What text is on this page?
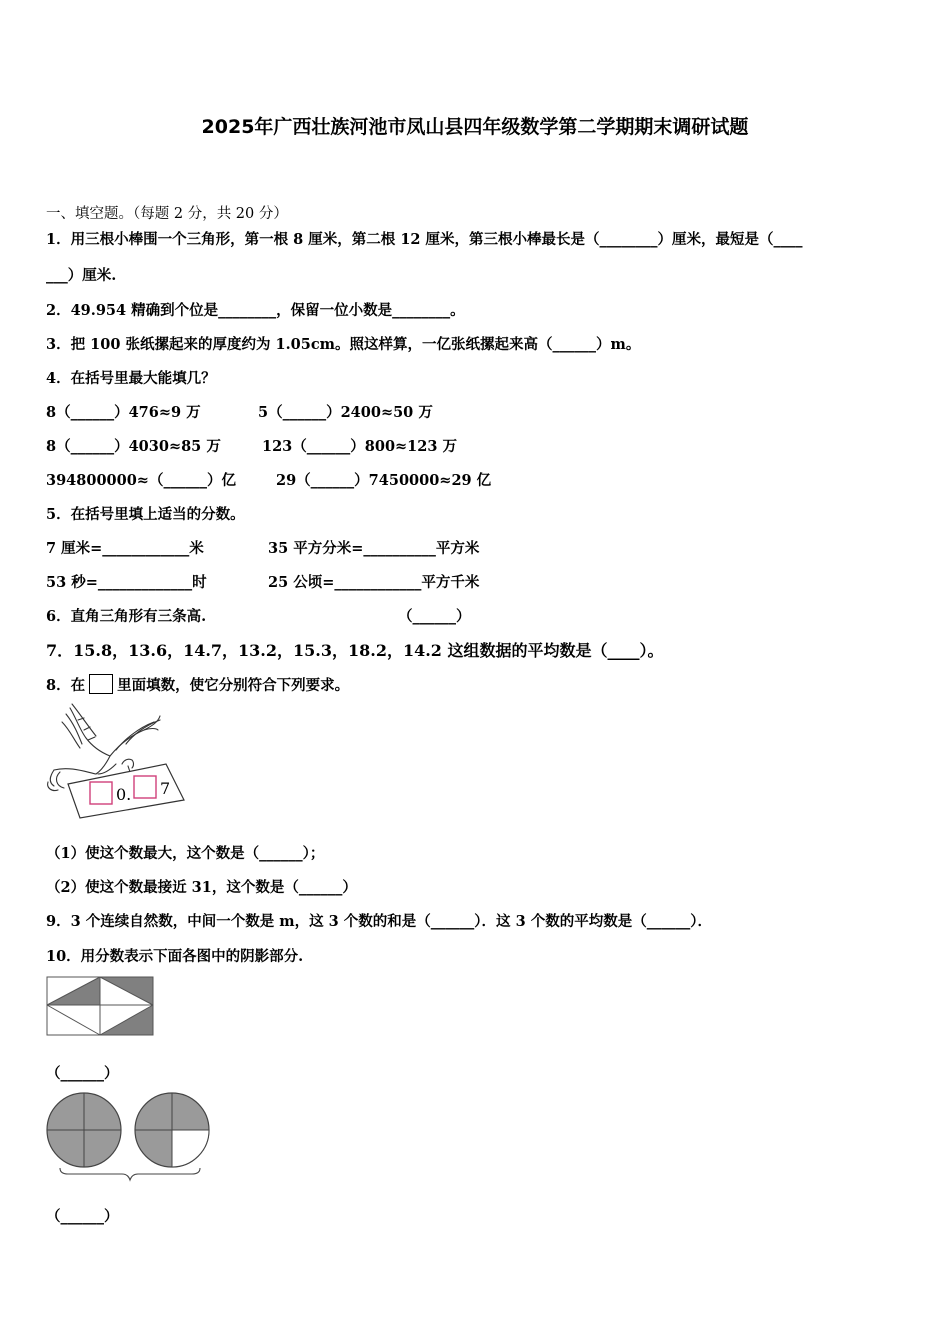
2025年广西壮族河池市凤山县四年级数学第二学期期末调研试题
一、填空题。（每题 2 分，共 20 分）
1．用三根小棒围一个三角形，第一根 8 厘米，第二根 12 厘米，第三根小棒最长是（________）厘米，最短是（____
___）厘米.
2．49.954 精确到个位是________，保留一位小数是________。
3．把 100 张纸摞起来的厚度约为 1.05cm。照这样算，一亿张纸摞起来高（______）m。
4．在括号里最大能填几？
8（______）476≈9 万	5（______）2400≈50 万
8（______）4030≈85 万	123（______）800≈123 万
394800000≈（______）亿	29（______）7450000≈29 亿
5．在括号里填上适当的分数。
7 厘米=____________米	35 平方分米=__________平方米
53 秒=_____________时	25 公顷=____________平方千米
6．直角三角形有三条高.	（______）
7．15.8，13.6，14.7，13.2，15.3，18.2，14.2 这组数据的平均数是（____）。
8．在 里面填数，使它分别符合下列要求。
0. 7
（1）使这个数最大，这个数是（______）；
（2）使这个数最接近 31，这个数是（______）
9．3 个连续自然数，中间一个数是 m，这 3 个数的和是（______）．这 3 个数的平均数是（______）．
10．用分数表示下面各图中的阴影部分.
（______）
（______）
